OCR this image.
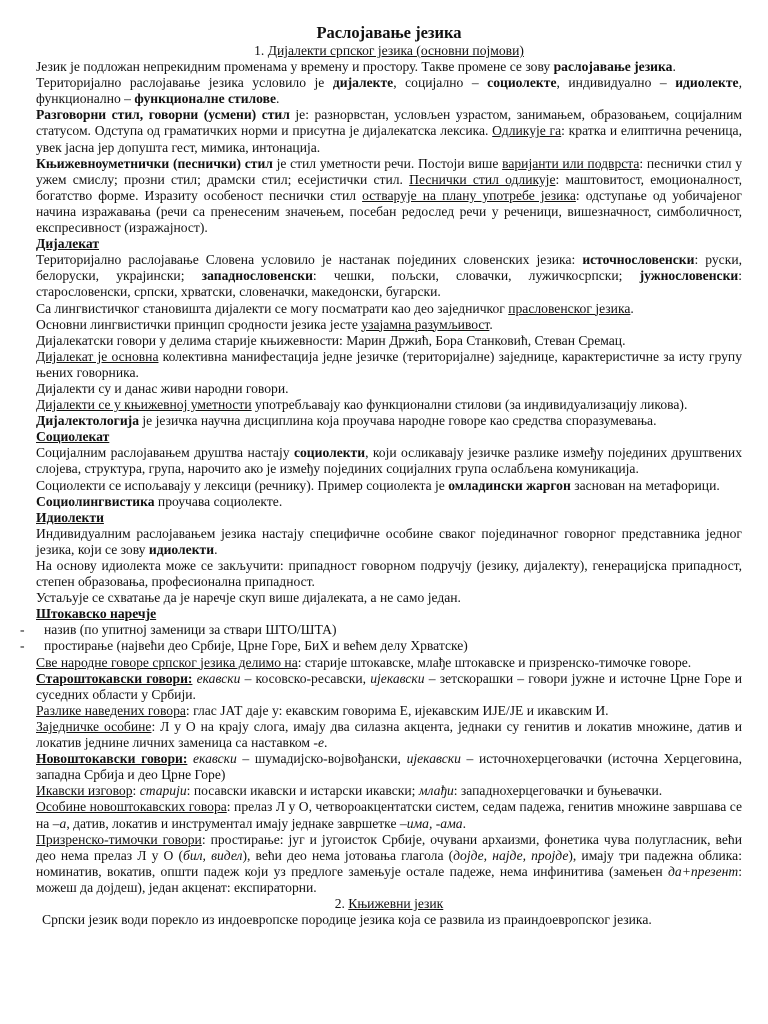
Раслојавање језика
1. Дијалекти српског језика (основни појмови)

Језик је подложан непрекидним променама у времену и простору. Такве промене се зову раслојавање језика.

Територијално раслојавање језика условило је дијалекте, социјално – социолекте, индивидуално – идиолекте, функционално – функционалне стилове.

Разговорни стил, говорни (усмени) стил је: разнорвстан, условљен узрастом, занимањем, образовањем, социјалним статусом. Одступа од граматичких норми и присутна је дијалекатска лексика. Одликује га: кратка и елиптична реченица, увек јасна јер допушта гест, мимика, интонација.

Књижевноуметнички (песнички) стил је стил уметности речи. Постоји више варијанти или подврста: песнички стил у ужем смислу; прозни стил; драмски стил; есејистички стил. Песнички стил одликује: маштовитост, емоционалност, богатство форме. Изразиту особеност песнички стил остварује на плану употребе језика: одступање од уобичајеног начина изражавања (речи са пренесеним значењем, посебан редослед речи у реченици, вишезначност, симболичност, експресивност (изражајност).

Дијалекат

Територијално раслојавање Словена условило је настанак појединих словенских језика: источнословенски: руски, белоруски, украјински; западнословенски: чешки, пољски, словачки, лужичкосрпски; јужнословенски: старословенски, српски, хрватски, словеначки, македонски, бугарски.

Са лингвистичког становишта дијалекти се могу посматрати као део заједничког прасловенског језика.

Основни лингвистички принцип сродности језика јесте узајамна разумљивост.

Дијалекатски говори у делима старије књижевности: Марин Држић, Бора Станковић, Стеван Сремац.

Дијалекат је основна колективна манифестација једне језичке (територијалне) заједнице, карактеристичне за исту групу њених говорника.

Дијалекти су и данас живи народни говори.

Дијалекти се у књижевној уметности употребљавају као функционални стилови (за индивидуализацију ликова).

Дијалектологија је језичка научна дисциплина која проучава народне говоре као средства споразумевања.

Социолекат

Социјалним раслојавањем друштва настају социолекти, који осликавају језичке разлике између појединих друштвених слојева, структура, група, нарочито ако је између појединих социјалних група ослабљена комуникација.

Социолекти се испољавају у лексици (речнику). Пример социолекта је омладински жаргон заснован на метафорици.

Социолингвистика проучава социолекте.

Идиолекти

Индивидуалним раслојавањем језика настају специфичне особине сваког појединачног говорног представника једног језика, који се зову идиолекти.

На основу идиолекта може се закључити: припадност говорном подручју (језику, дијалекту), генерацијска припадност, степен образовања, професионална припадност.

Устаљује се схватање да је наречје скуп више дијалеката, а не само један.

Штокавско наречје

- назив (по упитној заменици за ствари ШТО/ШТА)

- простирање (највећи део Србије, Црне Горе, БиХ и већем делу Хрватске)

Све народне говоре српског језика делимо на: старије штокавске, млађе штокавске и призренско-тимочке говоре.

Староштокавски говори: екавски – косовско-ресавски, ијекавски – зетскорашки – говори јужне и источне Црне Горе и суседних области у Србији.

Разлике наведених говора: глас ЈАТ даје у: екавским говорима Е, ијекавским ИЈЕ/ЈЕ и икавским И.

Заједничке особине: Л у О на крају слога, имају два силазна акцента, једнаки су генитив и локатив множине, датив и локатив једнине личних заменица са наставком -е.

Новоштокавски говори: екавски – шумадијско-војвођански, ијекавски – источнохерцеговачки (источна Херцеговина, западна Србија и део Црне Горе)

Икавски изговор: старији: посавски икавски и истарски икавски; млађи: западнохерцеговачки и буњевачки.

Особине новоштокавских говора: прелаз Л у О, четвороакцентатски систем, седам падежа, генитив множине завршава се на –а, датив, локатив и инструментал имају једнаке завршетке –има, -ама.

Призренско-тимочки говори: простирање: југ и југоисток Србије, очувани архаизми, фонетика чува полугласник, већи део нема прелаз Л у О (бил, видел), већи део нема јотовања глагола (дојде, најде, пројде), имају три падежна облика: номинатив, вокатив, општи падеж који уз предлоге замењује остале падеже, нема инфинитива (замењен да+презент: можеш да дојдеш), један акценат: експираторни.

2. Књижевни језик

Српски језик води порекло из индоевропске породице језика која се развила из праиндоевропског језика.
